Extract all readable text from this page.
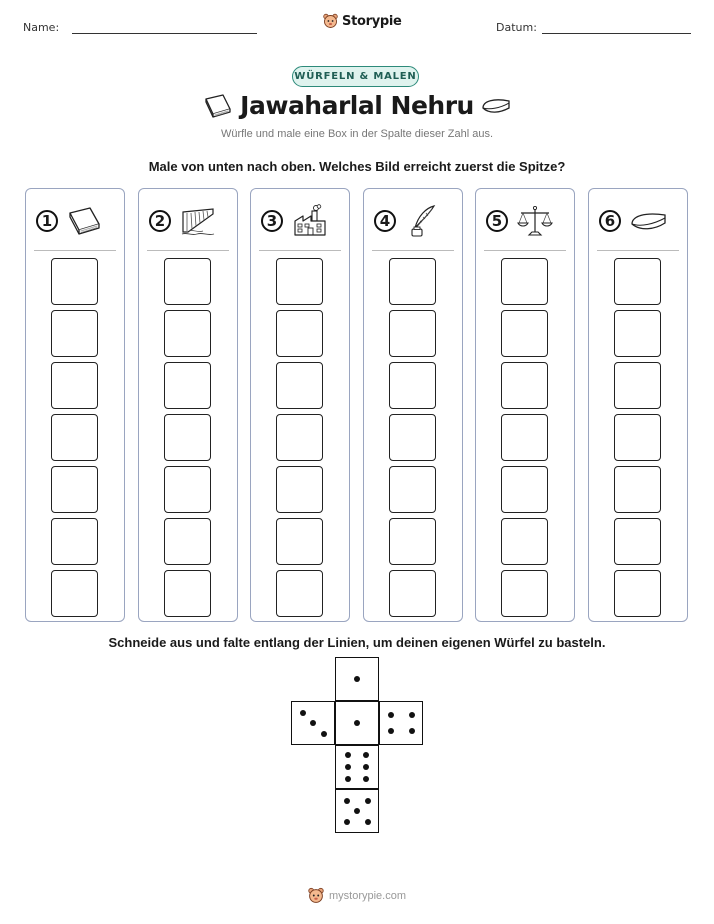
Name:	Storypie	Datum:
WÜRFELN & MALEN
Jawaharlal Nehru
Würfle und male eine Box in der Spalte dieser Zahl aus.
Male von unten nach oben. Welches Bild erreicht zuerst die Spitze?
1	2	3	4	5	6
Schneide aus und falte entlang der Linien, um deinen eigenen Würfel zu basteln.
mystorypie.com
